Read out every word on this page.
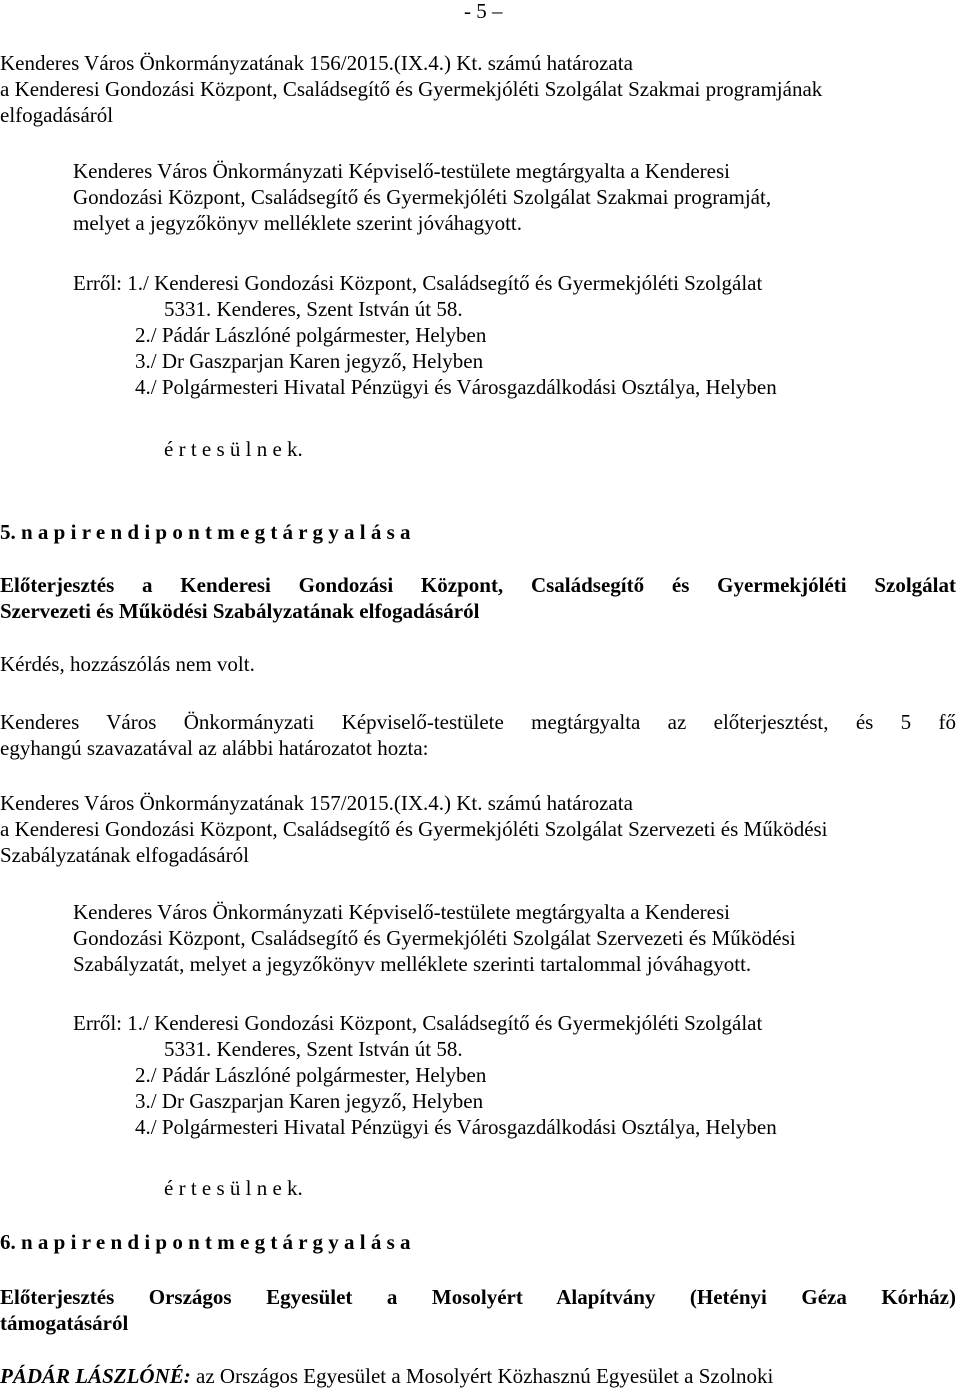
- 5 –
Kenderes Város Önkormányzatának 156/2015.(IX.4.) Kt. számú határozata
a Kenderesi Gondozási Központ, Családsegítő és Gyermekjóléti Szolgálat Szakmai programjának
elfogadásáról
Kenderes Város Önkormányzati Képviselő-testülete megtárgyalta a Kenderesi
Gondozási Központ, Családsegítő és Gyermekjóléti Szolgálat Szakmai programját,
melyet a jegyzőkönyv melléklete szerint jóváhagyott.
Erről: 1./ Kenderesi Gondozási Központ, Családsegítő és Gyermekjóléti Szolgálat
5331. Kenderes, Szent István út 58.
2./ Pádár Lászlóné polgármester, Helyben
3./ Dr Gaszparjan Karen jegyző, Helyben
4./ Polgármesteri Hivatal Pénzügyi és Városgazdálkodási Osztálya, Helyben
é r t e s ü l n e k.
5. n a p i r e n d i p o n t m e g t á r g y a l á s a
Előterjesztés a Kenderesi Gondozási Központ, Családsegítő és Gyermekjóléti Szolgálat
Szervezeti és Működési Szabályzatának elfogadásáról
Kérdés, hozzászólás nem volt.
Kenderes Város Önkormányzati Képviselő-testülete megtárgyalta az előterjesztést, és 5 fő
egyhangú szavazatával az alábbi határozatot hozta:
Kenderes Város Önkormányzatának 157/2015.(IX.4.) Kt. számú határozata
a Kenderesi Gondozási Központ, Családsegítő és Gyermekjóléti Szolgálat Szervezeti és Működési
Szabályzatának elfogadásáról
Kenderes Város Önkormányzati Képviselő-testülete megtárgyalta a Kenderesi
Gondozási Központ, Családsegítő és Gyermekjóléti Szolgálat Szervezeti és Működési
Szabályzatát, melyet a jegyzőkönyv melléklete szerinti tartalommal jóváhagyott.
Erről: 1./ Kenderesi Gondozási Központ, Családsegítő és Gyermekjóléti Szolgálat
5331. Kenderes, Szent István út 58.
2./ Pádár Lászlóné polgármester, Helyben
3./ Dr Gaszparjan Karen jegyző, Helyben
4./ Polgármesteri Hivatal Pénzügyi és Városgazdálkodási Osztálya, Helyben
é r t e s ü l n e k.
6. n a p i r e n d i p o n t m e g t á r g y a l á s a
Előterjesztés Országos Egyesület a Mosolyért Alapítvány (Hetényi Géza Kórház)
támogatásáról
PÁDÁR LÁSZLÓNÉ: az Országos Egyesület a Mosolyért Közhasznú Egyesület a Szolnoki
